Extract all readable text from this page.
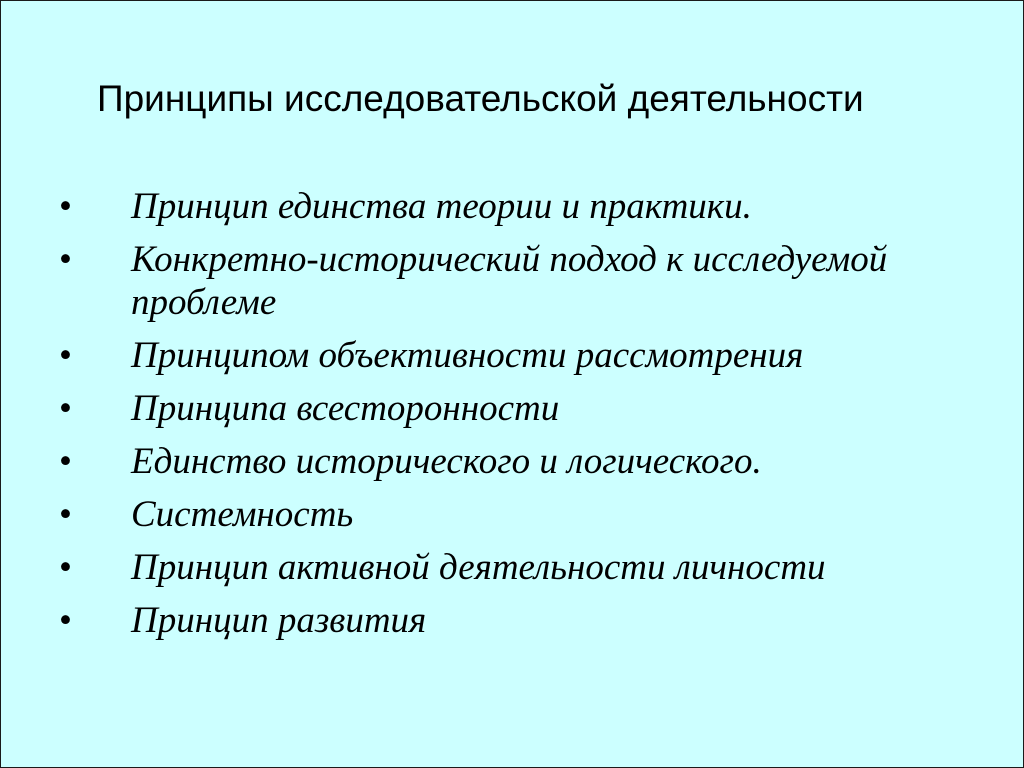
Принципы исследовательской деятельности
• Принцип единства теории и практики.
• Конкретно-исторический подход к исследуемой проблеме
• Принципом объективности рассмотрения
• Принципа всесторонности
• Единство исторического и логического.
• Системность
• Принцип активной деятельности личности
• Принцип развития
